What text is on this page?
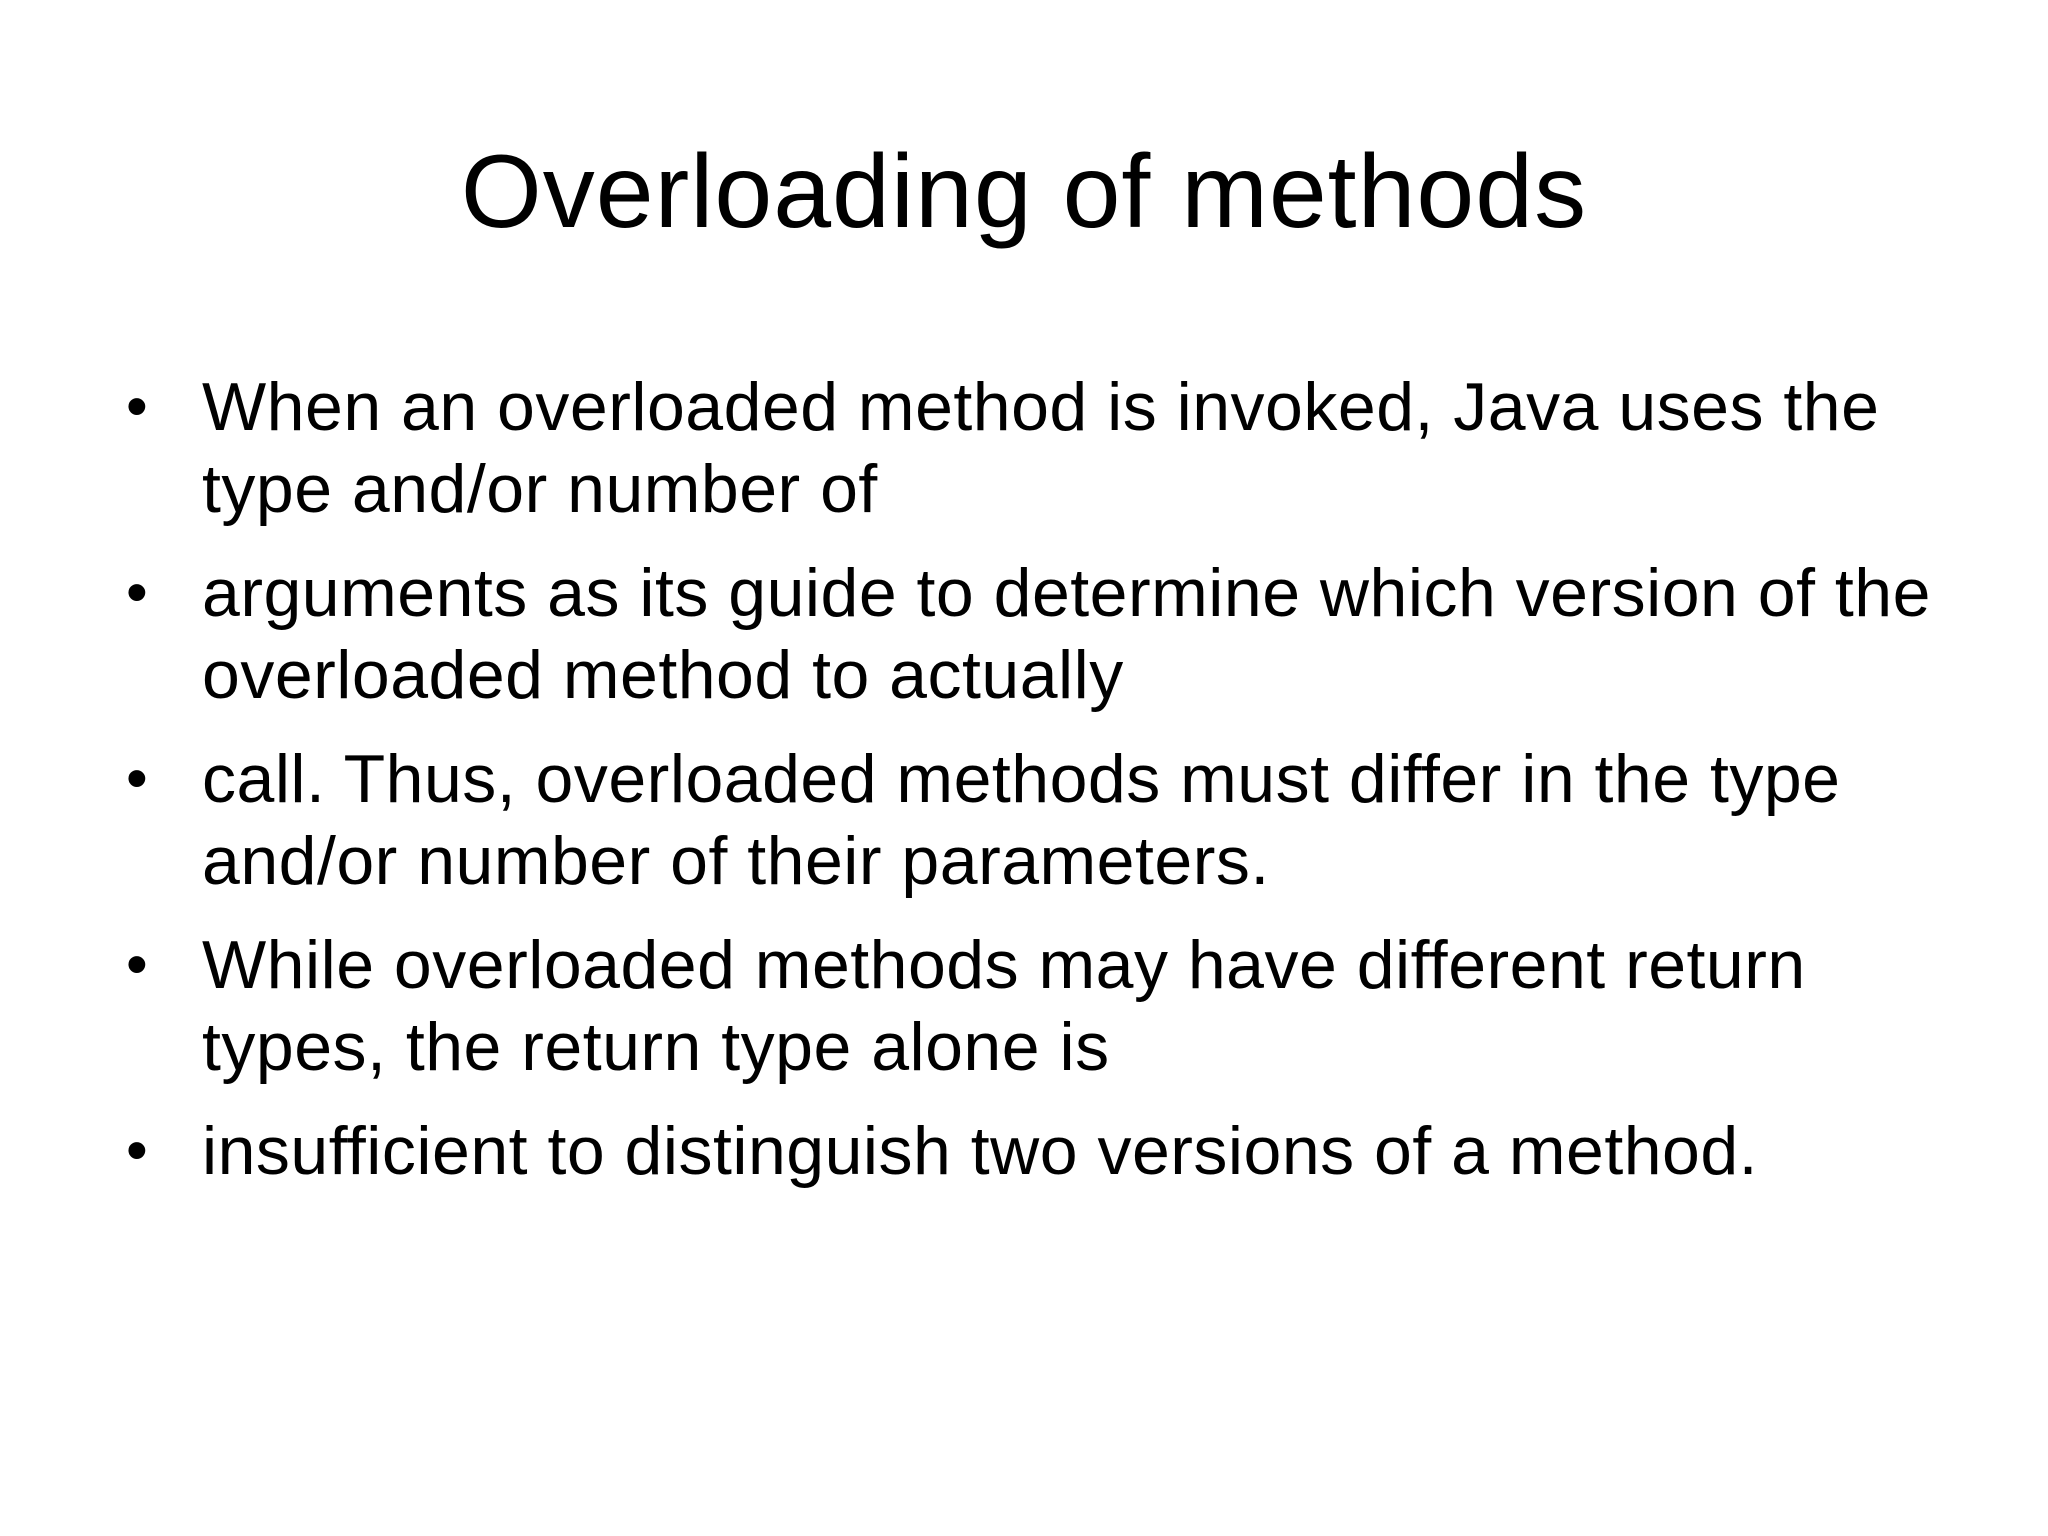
Overloading of methods
• When an overloaded method is invoked, Java uses the type and/or number of
• arguments as its guide to determine which version of the overloaded method to actually
• call. Thus, overloaded methods must differ in the type and/or number of their parameters.
• While overloaded methods may have different return types, the return type alone is
• insufficient to distinguish two versions of a method.
